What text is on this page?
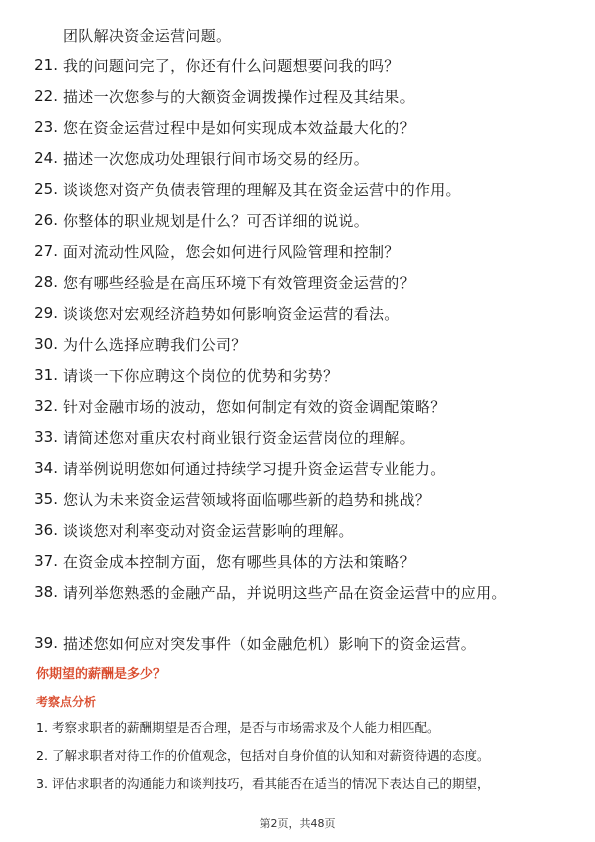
团队解决资金运营问题。
21. 我的问题问完了，你还有什么问题想要问我的吗？
22. 描述一次您参与的大额资金调拨操作过程及其结果。
23. 您在资金运营过程中是如何实现成本效益最大化的？
24. 描述一次您成功处理银行间市场交易的经历。
25. 谈谈您对资产负债表管理的理解及其在资金运营中的作用。
26. 你整体的职业规划是什么？可否详细的说说。
27. 面对流动性风险，您会如何进行风险管理和控制？
28. 您有哪些经验是在高压环境下有效管理资金运营的？
29. 谈谈您对宏观经济趋势如何影响资金运营的看法。
30. 为什么选择应聘我们公司？
31. 请谈一下你应聘这个岗位的优势和劣势？
32. 针对金融市场的波动，您如何制定有效的资金调配策略？
33. 请简述您对重庆农村商业银行资金运营岗位的理解。
34. 请举例说明您如何通过持续学习提升资金运营专业能力。
35. 您认为未来资金运营领域将面临哪些新的趋势和挑战？
36. 谈谈您对利率变动对资金运营影响的理解。
37. 在资金成本控制方面，您有哪些具体的方法和策略？
38. 请列举您熟悉的金融产品，并说明这些产品在资金运营中的应用。
39. 描述您如何应对突发事件（如金融危机）影响下的资金运营。
你期望的薪酬是多少？
考察点分析
1. 考察求职者的薪酬期望是否合理，是否与市场需求及个人能力相匹配。
2. 了解求职者对待工作的价值观念，包括对自身价值的认知和对薪资待遇的态度。
3. 评估求职者的沟通能力和谈判技巧，看其能否在适当的情况下表达自己的期望，
第2页，共48页
